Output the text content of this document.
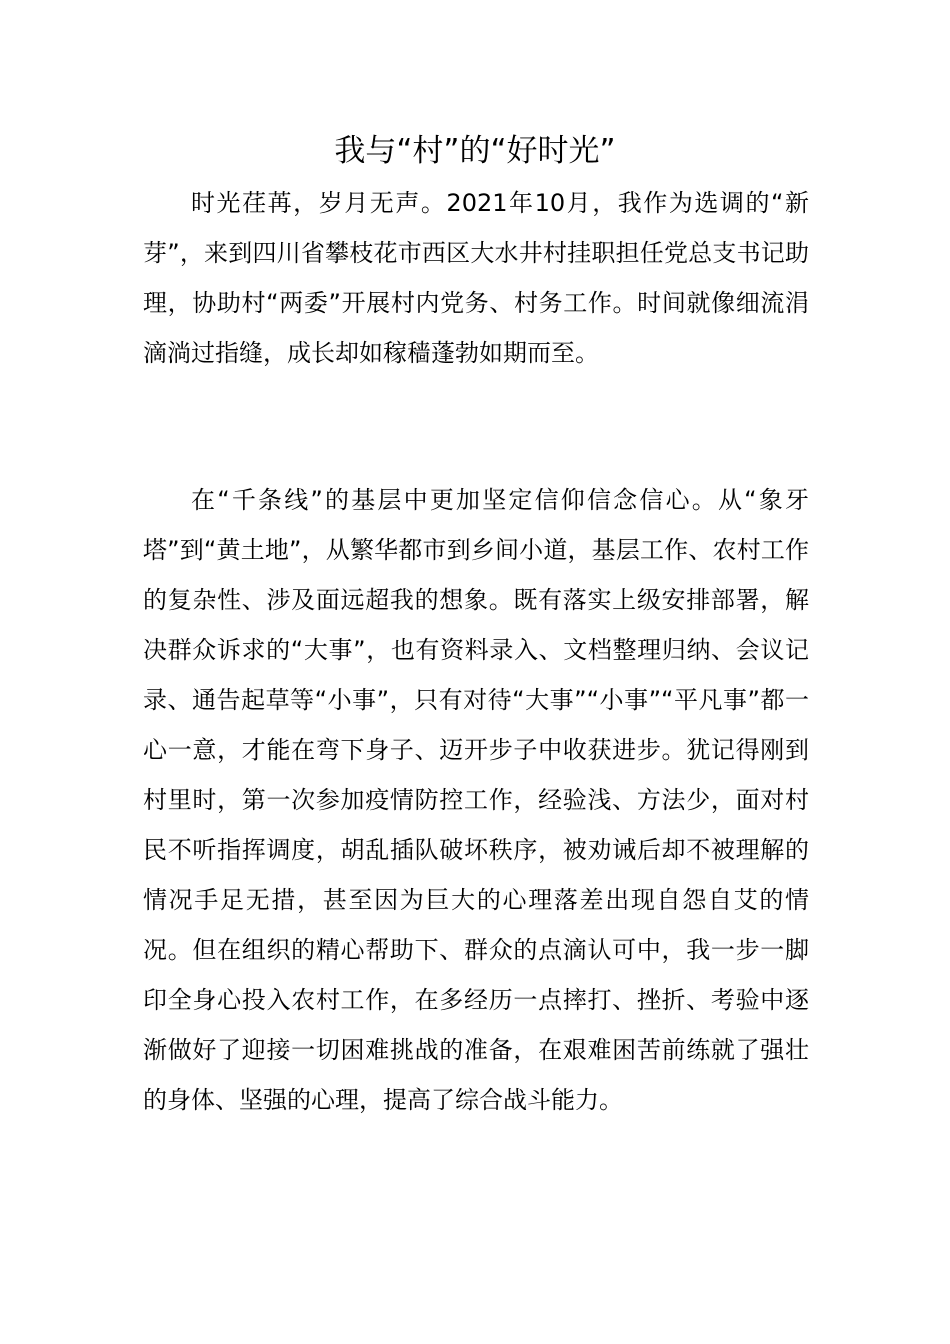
我与“村”的“好时光”

时光荏苒，岁月无声。2021年10月，我作为选调的“新芽”，来到四川省攀枝花市西区大水井村挂职担任党总支书记助理，协助村“两委”开展村内党务、村务工作。时间就像细流涓滴淌过指缝，成长却如稼穑蓬勃如期而至。

在“千条线”的基层中更加坚定信仰信念信心。从“象牙塔”到“黄土地”，从繁华都市到乡间小道，基层工作、农村工作的复杂性、涉及面远超我的想象。既有落实上级安排部署，解决群众诉求的“大事”，也有资料录入、文档整理归纳、会议记录、通告起草等“小事”，只有对待“大事”“小事”“平凡事”都一心一意，才能在弯下身子、迈开步子中收获进步。犹记得刚到村里时，第一次参加疫情防控工作，经验浅、方法少，面对村民不听指挥调度，胡乱插队破坏秩序，被劝诫后却不被理解的情况手足无措，甚至因为巨大的心理落差出现自怨自艾的情况。但在组织的精心帮助下、群众的点滴认可中，我一步一脚印全身心投入农村工作，在多经历一点摔打、挫折、考验中逐渐做好了迎接一切困难挑战的准备，在艰难困苦前练就了强壮的身体、坚强的心理，提高了综合战斗能力。
